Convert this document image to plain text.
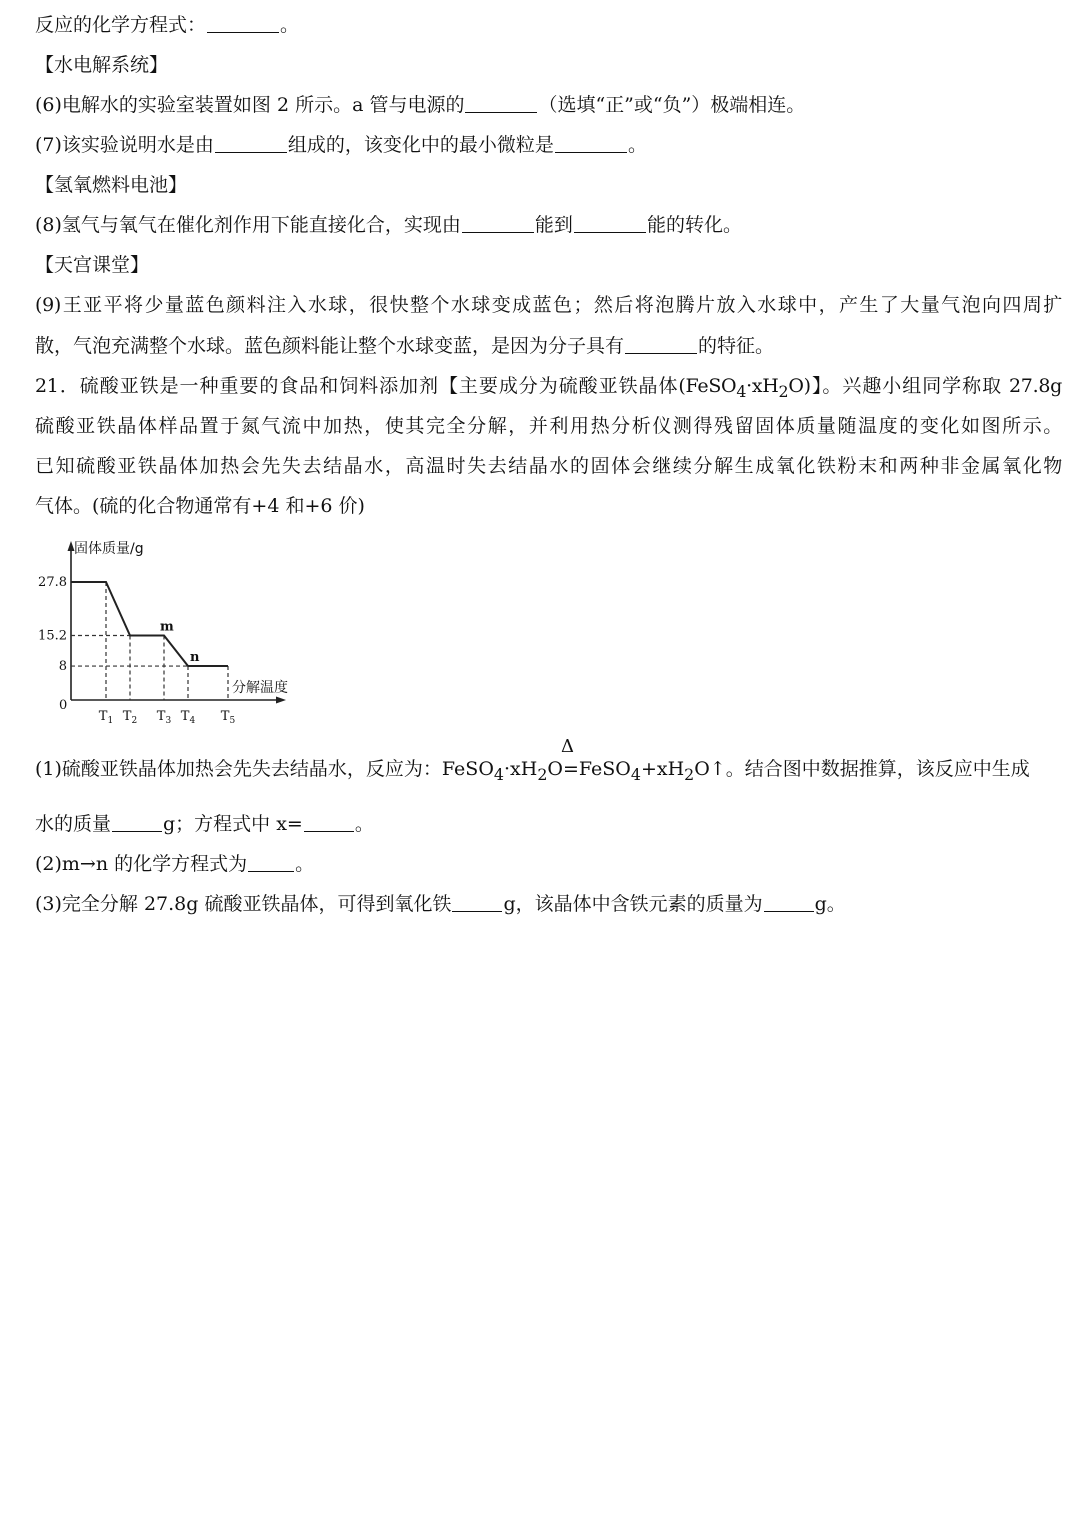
反应的化学方程式：	。
【水电解系统】
(6)电解水的实验室装置如图 2 所示。a 管与电源的	（选填“正”或“负”）极端相连。
(7)该实验说明水是由	组成的，该变化中的最小微粒是	。
【氢氧燃料电池】
(8)氢气与氧气在催化剂作用下能直接化合，实现由	能到	能的转化。
【天宫课堂】
(9)王亚平将少量蓝色颜料注入水球，很快整个水球变成蓝色；然后将泡腾片放入水球中，产生了大量气泡向四周扩
散，气泡充满整个水球。蓝色颜料能让整个水球变蓝，是因为分子具有	的特征。
21．硫酸亚铁是一种重要的食品和饲料添加剂【主要成分为硫酸亚铁晶体$(FeSO_4\cdot xH_2O)$】。兴趣小组同学称取 27.8g
硫酸亚铁晶体样品置于氮气流中加热，使其完全分解，并利用热分析仪测得残留固体质量随温度的变化如图所示。
已知硫酸亚铁晶体加热会先失去结晶水，高温时失去结晶水的固体会继续分解生成氧化铁粉末和两种非金属氧化物
气体。(硫的化合物通常有+4 和+6 价)
固体质量/g
分解温度
0
27.8
15.2
8
$T_1$ $T_2$ $T_3$ $T_4$ $T_5$
m
n
(1)硫酸亚铁晶体加热会先失去结晶水，反应为：$FeSO_4\cdot xH_2O$
Δ
$=FeSO_4+xH_2O↑$。结合图中数据推算，该反应中生成
水的质量	g；方程式中 x=	。
(2)m→n 的化学方程式为	。
(3)完全分解 27.8g 硫酸亚铁晶体，可得到氧化铁	g，该晶体中含铁元素的质量为	g。
